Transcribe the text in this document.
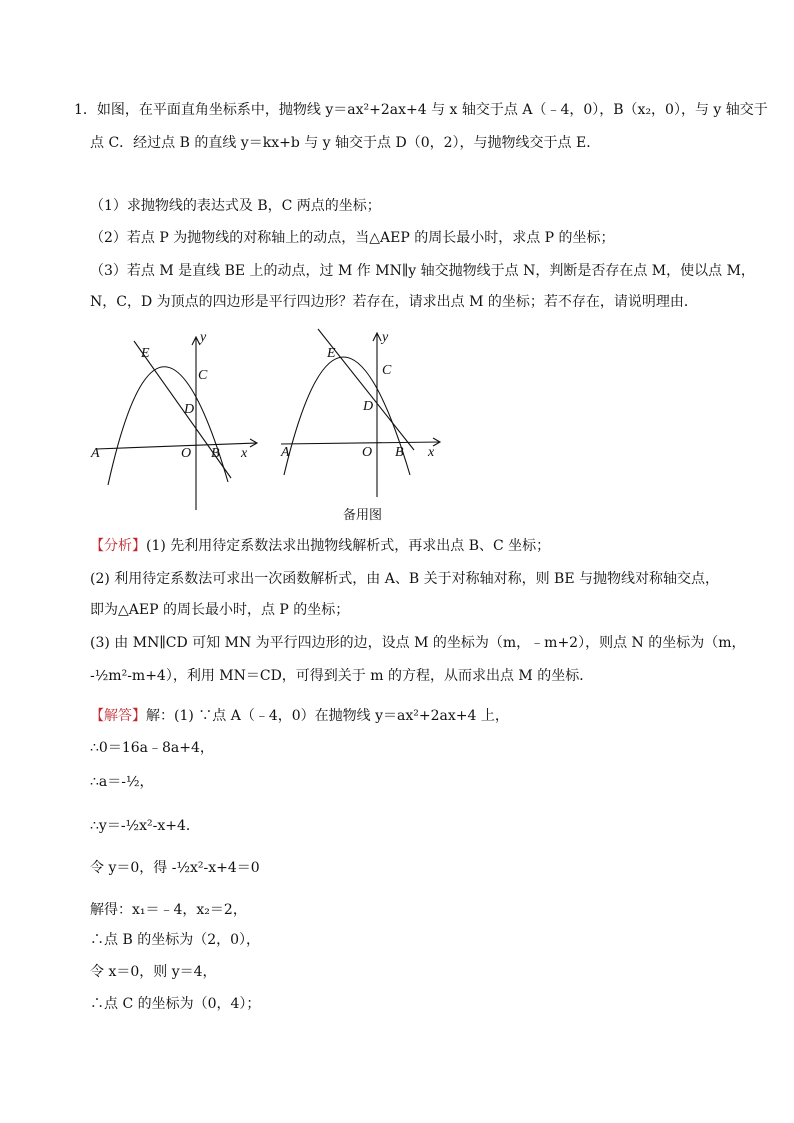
1．如图，在平面直角坐标系中，抛物线 y＝ax²+2ax+4 与 x 轴交于点 A（﹣4，0），B（x₂，0），与 y 轴交于
点 C．经过点 B 的直线 y＝kx+b 与 y 轴交于点 D（0，2），与抛物线交于点 E．
（1）求抛物线的表达式及 B，C 两点的坐标；
（2）若点 P 为抛物线的对称轴上的动点，当△AEP 的周长最小时，求点 P 的坐标；
（3）若点 M 是直线 BE 上的动点，过 M 作 MN∥y 轴交抛物线于点 N，判断是否存在点 M，使以点 M，
N，C，D 为顶点的四边形是平行四边形？若存在，请求出点 M 的坐标；若不存在，请说明理由．
E
y
C
D
A	O B x
E
y
C
D
A	O B x
备用图
【分析】(1) 先利用待定系数法求出抛物线解析式，再求出点 B、C 坐标；
(2) 利用待定系数法可求出一次函数解析式，由 A、B 关于对称轴对称，则 BE 与抛物线对称轴交点，
即为△AEP 的周长最小时，点 P 的坐标；
(3) 由 MN∥CD 可知 MN 为平行四边形的边，设点 M 的坐标为（m，﹣m+2），则点 N 的坐标为（m，
-½m²-m+4），利用 MN＝CD，可得到关于 m 的方程，从而求出点 M 的坐标．
【解答】解：(1) ∵点 A（﹣4，0）在抛物线 y＝ax²+2ax+4 上，
∴0＝16a﹣8a+4，
∴a＝-½，
∴y＝-½x²-x+4．
令 y＝0，得 -½x²-x+4＝0
解得：x₁＝﹣4，x₂＝2，
∴点 B 的坐标为（2，0），
令 x＝0，则 y＝4，
∴点 C 的坐标为（0，4）；
